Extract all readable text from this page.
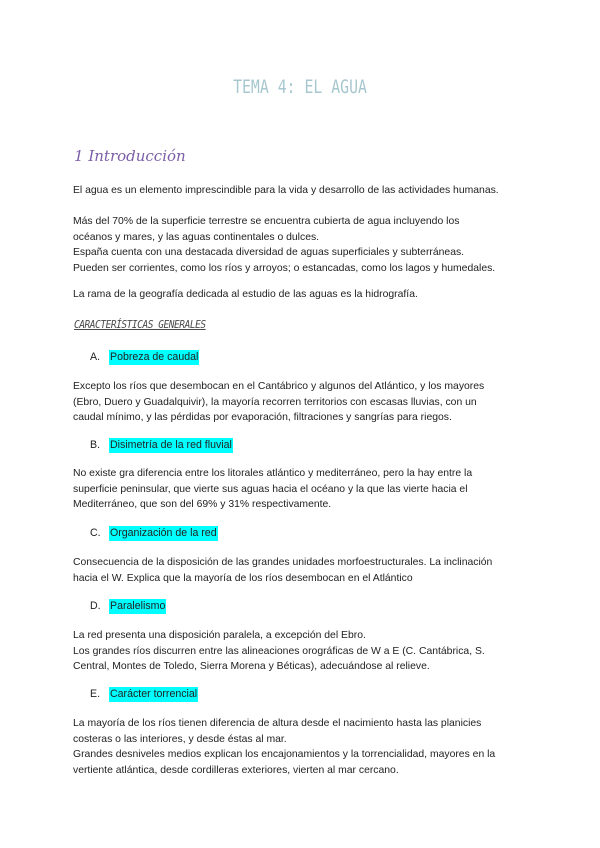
TEMA 4: EL AGUA
1 Introducción
El agua es un elemento imprescindible para la vida y desarrollo de las actividades humanas.
Más del 70% de la superficie terrestre se encuentra cubierta de agua incluyendo los
océanos y mares, y las aguas continentales o dulces.
España cuenta con una destacada diversidad de aguas superficiales y subterráneas.
Pueden ser corrientes, como los ríos y arroyos; o estancadas, como los lagos y humedales.
La rama de la geografía dedicada al estudio de las aguas es la hidrografía.
CARACTERÍSTICAS GENERALES
A. Pobreza de caudal
Excepto los ríos que desembocan en el Cantábrico y algunos del Atlántico, y los mayores
(Ebro, Duero y Guadalquivir), la mayoría recorren territorios con escasas lluvias, con un
caudal mínimo, y las pérdidas por evaporación, filtraciones y sangrías para riegos.
B. Disimetría de la red fluvial
No existe gra diferencia entre los litorales atlántico y mediterráneo, pero la hay entre la
superficie peninsular, que vierte sus aguas hacia el océano y la que las vierte hacia el
Mediterráneo, que son del 69% y 31% respectivamente.
C. Organización de la red
Consecuencia de la disposición de las grandes unidades morfoestructurales. La inclinación
hacia el W. Explica que la mayoría de los ríos desembocan en el Atlántico
D. Paralelismo
La red presenta una disposición paralela, a excepción del Ebro.
Los grandes ríos discurren entre las alineaciones orográficas de W a E (C. Cantábrica, S.
Central, Montes de Toledo, Sierra Morena y Béticas), adecuándose al relieve.
E. Carácter torrencial
La mayoría de los ríos tienen diferencia de altura desde el nacimiento hasta las planicies
costeras o las interiores, y desde éstas al mar.
Grandes desniveles medios explican los encajonamientos y la torrencialidad, mayores en la
vertiente atlántica, desde cordilleras exteriores, vierten al mar cercano.
